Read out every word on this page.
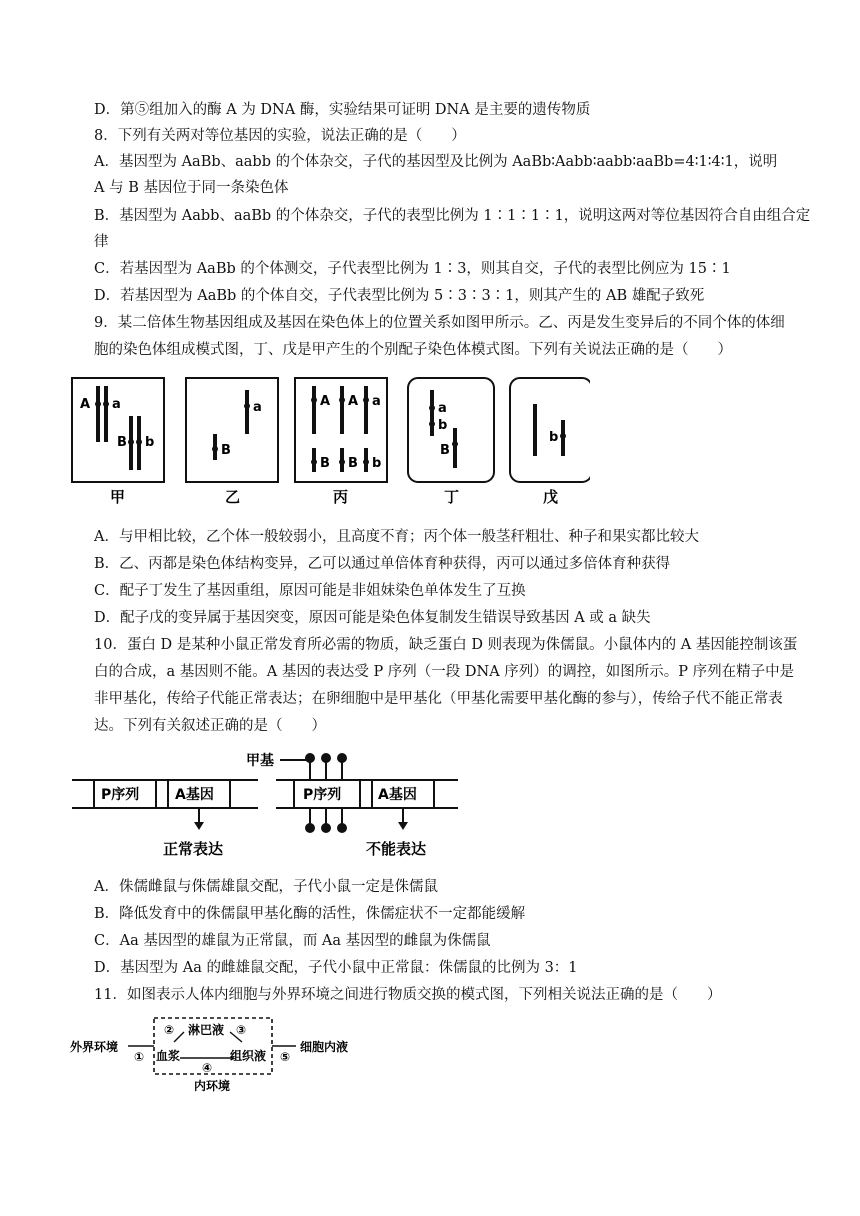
D．第⑤组加入的酶 A 为 DNA 酶，实验结果可证明 DNA 是主要的遗传物质
8．下列有关两对等位基因的实验，说法正确的是（　　）
A．基因型为 AaBb、aabb 的个体杂交，子代的基因型及比例为 AaBb∶Aabb∶aabb∶aaBb=4∶1∶4∶1，说明
A 与 B 基因位于同一条染色体
B．基因型为 Aabb、aaBb 的个体杂交，子代的表型比例为 1∶1∶1∶1，说明这两对等位基因符合自由组合定
律
C．若基因型为 AaBb 的个体测交，子代表型比例为 1∶3，则其自交，子代的表型比例应为 15∶1
D．若基因型为 AaBb 的个体自交，子代表型比例为 5∶3∶3∶1，则其产生的 AB 雄配子致死
9．某二倍体生物基因组成及基因在染色体上的位置关系如图甲所示。乙、丙是发生变异后的不同个体的体细
胞的染色体组成模式图，丁、戊是甲产生的个别配子染色体模式图。下列有关说法正确的是（　　）
A a
B b
B
a	A A a
B B b
a
b
B
b
甲	乙	丙	丁	戊
A．与甲相比较，乙个体一般较弱小，且高度不育；丙个体一般茎秆粗壮、种子和果实都比较大
B．乙、丙都是染色体结构变异，乙可以通过单倍体育种获得，丙可以通过多倍体育种获得
C．配子丁发生了基因重组，原因可能是非姐妹染色单体发生了互换
D．配子戊的变异属于基因突变，原因可能是染色体复制发生错误导致基因 A 或 a 缺失
10．蛋白 D 是某种小鼠正常发育所必需的物质，缺乏蛋白 D 则表现为侏儒鼠。小鼠体内的 A 基因能控制该蛋
白的合成，a 基因则不能。A 基因的表达受 P 序列（一段 DNA 序列）的调控，如图所示。P 序列在精子中是
非甲基化，传给子代能正常表达；在卵细胞中是甲基化（甲基化需要甲基化酶的参与），传给子代不能正常表
达。下列有关叙述正确的是（　　）
P序列	A基因	P序列	A基因
甲基
正常表达	不能表达
A．侏儒雌鼠与侏儒雄鼠交配，子代小鼠一定是侏儒鼠
B．降低发育中的侏儒鼠甲基化酶的活性，侏儒症状不一定都能缓解
C．Aa 基因型的雄鼠为正常鼠，而 Aa 基因型的雌鼠为侏儒鼠
D．基因型为 Aa 的雌雄鼠交配，子代小鼠中正常鼠：侏儒鼠的比例为 3：1
11．如图表示人体内细胞与外界环境之间进行物质交换的模式图，下列相关说法正确的是（　　）
外界环境
①
② 淋巴液 ③
血浆	组织液
④
⑤
细胞内液
内环境
